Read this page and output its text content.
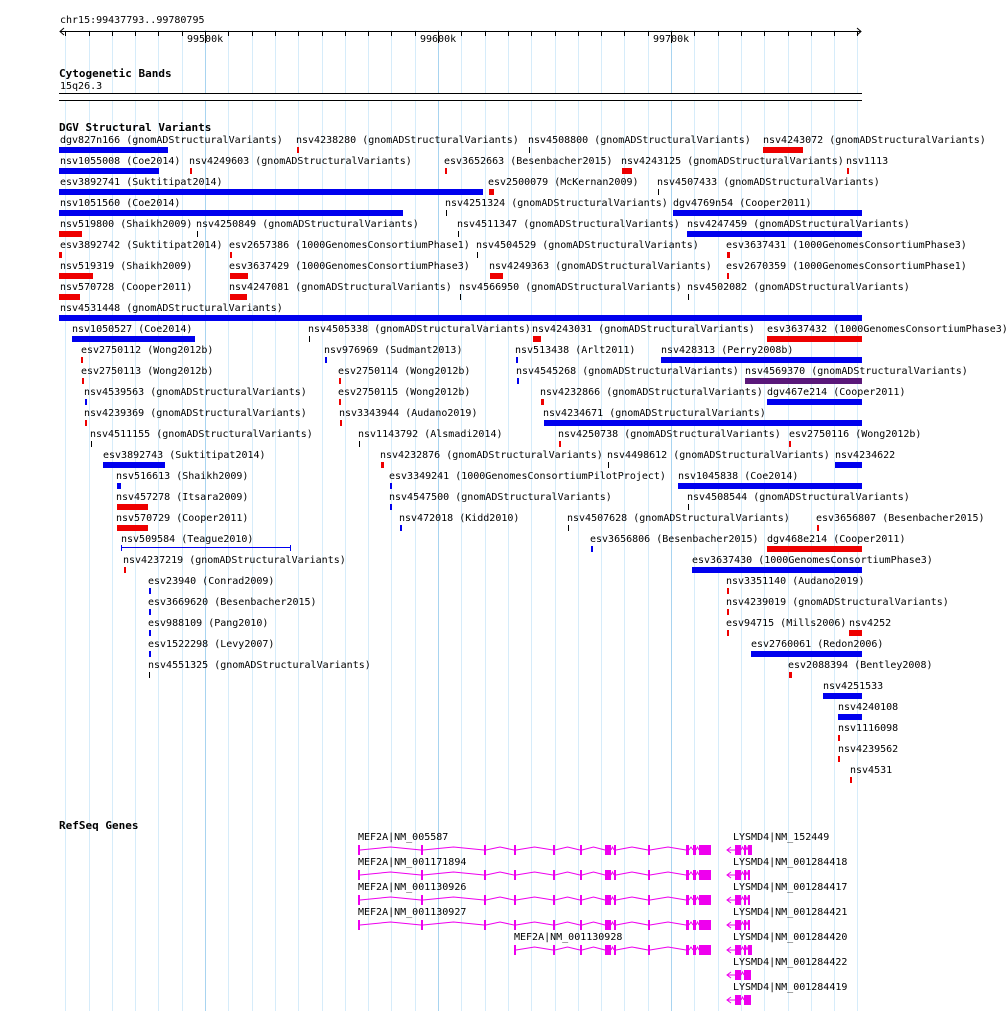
chr15:99437793..99780795
99500k	99600k	99700k
Cytogenetic Bands
15q26.3
DGV Structural Variants
dgv827n166 (gnomADStructuralVariants) nsv4238280 (gnomADStructuralVariants) nsv4508800 (gnomADStructuralVariants) nsv4243072 (gnomADStructuralVariants)
nsv1055008 (Coe2014) nsv4249603 (gnomADStructuralVariants)	esv3652663 (Besenbacher2015) nsv4243125 (gnomADStructuralVariants) nsv1113
esv3892741 (Suktitipat2014)	esv2500079 (McKernan2009) nsv4507433 (gnomADStructuralVariants)
nsv1051560 (Coe2014)	nsv4251324 (gnomADStructuralVariants) dgv4769n54 (Cooper2011)
nsv519800 (Shaikh2009) nsv4250849 (gnomADStructuralVariants)	nsv4511347 (gnomADStructuralVariants) nsv4247459 (gnomADStructuralVariants)
esv3892742 (Suktitipat2014) esv2657386 (1000GenomesConsortiumPhase1) nsv4504529 (gnomADStructuralVariants)	esv3637431 (1000GenomesConsortiumPhase3)
nsv519319 (Shaikh2009)	esv3637429 (1000GenomesConsortiumPhase3) nsv4249363 (gnomADStructuralVariants) esv2670359 (1000GenomesConsortiumPhase1)
nsv570728 (Cooper2011)	nsv4247081 (gnomADStructuralVariants) nsv4566950 (gnomADStructuralVariants) nsv4502082 (gnomADStructuralVariants)
nsv4531448 (gnomADStructuralVariants)
nsv1050527 (Coe2014)	nsv4505338 (gnomADStructuralVariants) nsv4243031 (gnomADStructuralVariants) esv3637432 (1000GenomesConsortiumPhase3)
esv2750112 (Wong2012b)	nsv976969 (Sudmant2013)	nsv513438 (Arlt2011)	nsv428313 (Perry2008b)
esv2750113 (Wong2012b)	esv2750114 (Wong2012b)	nsv4545268 (gnomADStructuralVariants) nsv4569370 (gnomADStructuralVariants)
nsv4539563 (gnomADStructuralVariants)	esv2750115 (Wong2012b)	nsv4232866 (gnomADStructuralVariants) dgv467e214 (Cooper2011)
nsv4239369 (gnomADStructuralVariants)	nsv3343944 (Audano2019)	nsv4234671 (gnomADStructuralVariants)
nsv4511155 (gnomADStructuralVariants)	nsv1143792 (Alsmadi2014)	nsv4250738 (gnomADStructuralVariants) esv2750116 (Wong2012b)
esv3892743 (Suktitipat2014)	nsv4232876 (gnomADStructuralVariants) nsv4498612 (gnomADStructuralVariants) nsv4234622
nsv516613 (Shaikh2009)	esv3349241 (1000GenomesConsortiumPilotProject) nsv1045838 (Coe2014)
nsv457278 (Itsara2009)	nsv4547500 (gnomADStructuralVariants)	nsv4508544 (gnomADStructuralVariants)
nsv570729 (Cooper2011)	nsv472018 (Kidd2010)	nsv4507628 (gnomADStructuralVariants)	esv3656807 (Besenbacher2015)
nsv509584 (Teague2010)	esv3656806 (Besenbacher2015) dgv468e214 (Cooper2011)
nsv4237219 (gnomADStructuralVariants)	esv3637430 (1000GenomesConsortiumPhase3)
esv23940 (Conrad2009)	nsv3351140 (Audano2019)
esv3669620 (Besenbacher2015)	nsv4239019 (gnomADStructuralVariants)
esv988109 (Pang2010)	esv94715 (Mills2006) nsv4252
esv1522298 (Levy2007)	esv2760061 (Redon2006)
nsv4551325 (gnomADStructuralVariants)	esv2088394 (Bentley2008)
nsv4251533
nsv4240108
nsv1116098
nsv4239562
nsv4531
RefSeq Genes
MEF2A|NM_005587
MEF2A|NM_001171894
MEF2A|NM_001130926
MEF2A|NM_001130927
MEF2A|NM_001130928
LYSMD4|NM_152449
LYSMD4|NM_001284418
LYSMD4|NM_001284417
LYSMD4|NM_001284421
LYSMD4|NM_001284420
LYSMD4|NM_001284422
LYSMD4|NM_001284419
